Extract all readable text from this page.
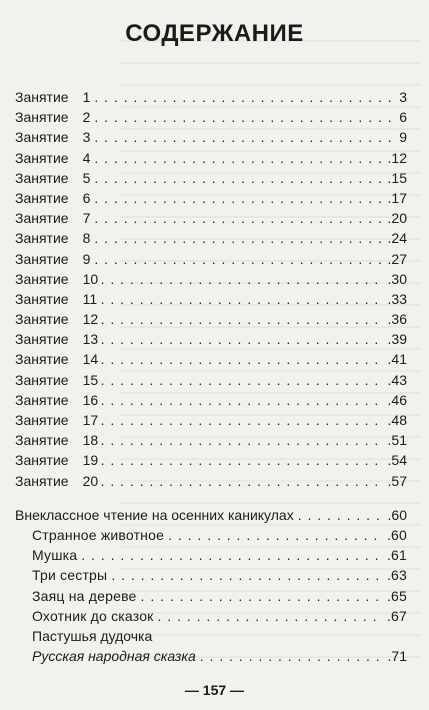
СОДЕРЖАНИЕ
Занятие 1 . . .	3
Занятие 2 . . .	6
Занятие 3 . . .	9
Занятие 4 . . .	.12
Занятие 5 . . .	.15
Занятие 6 . . .	.17
Занятие 7 . . .	.20
Занятие 8 . . .	.24
Занятие 9 . . .	.27
Занятие 10 . . .	.30
Занятие 11 . . .	.33
Занятие 12 . . .	.36
Занятие 13 . . .	.39
Занятие 14 . . .	.41
Занятие 15 . . .	.43
Занятие 16 . . .	.46
Занятие 17 . . .	.48
Занятие 18 . . .	.51
Занятие 19 . . .	.54
Занятие 20 . . .	.57
Внеклассное чтение на осенних каникулах . . .	.60
Странное животное . . .	.60
Мушка . . .	.61
Три сестры . . .	.63
Заяц на дереве . . .	.65
Охотник до сказок . . .	.67
Пастушья дудочка
Русская народная сказка . . .	.71
— 157 —
